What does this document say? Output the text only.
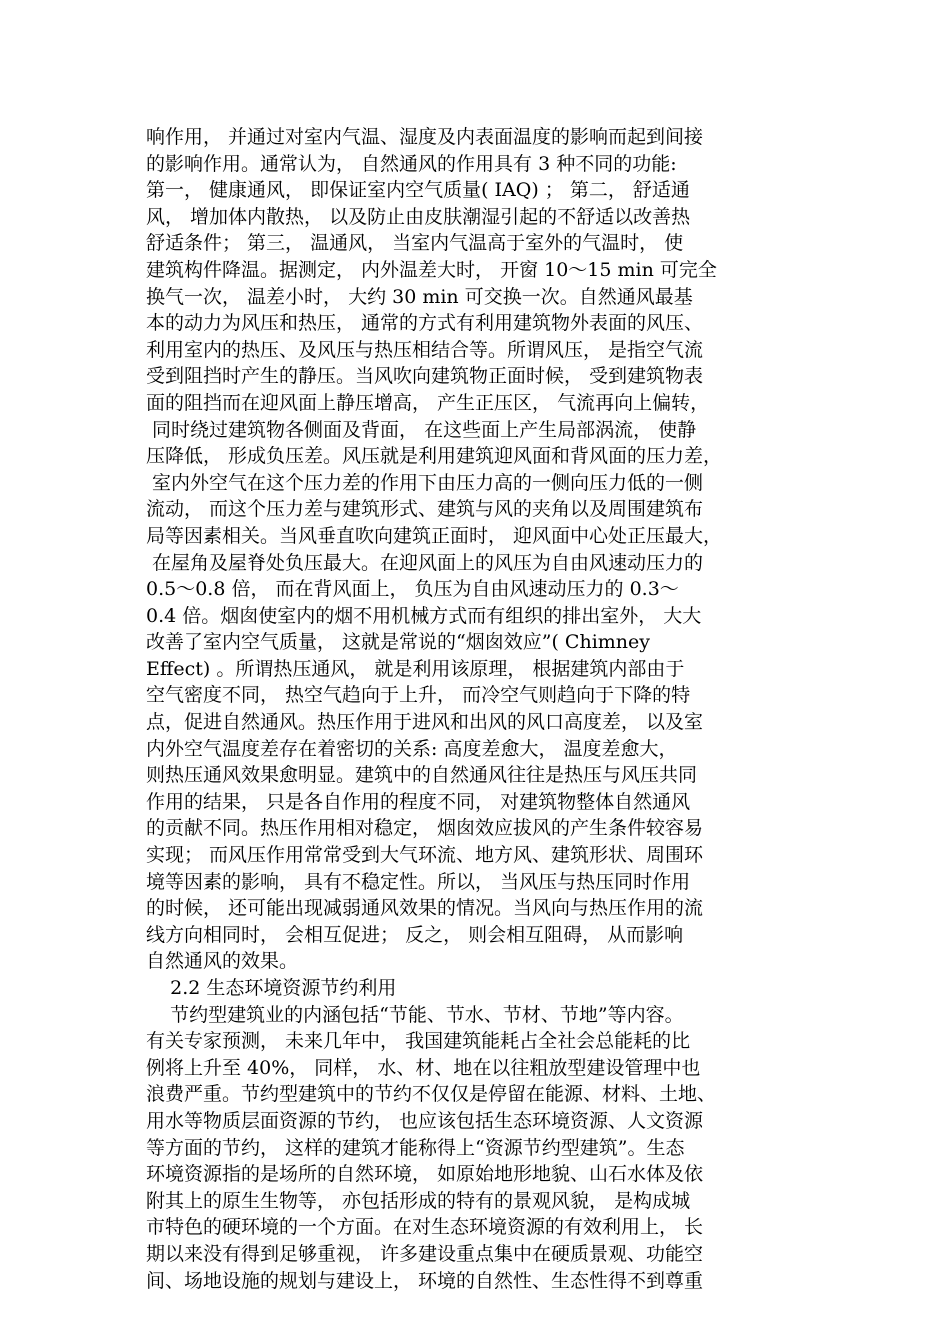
响作用， 并通过对室内气温、湿度及内表面温度的影响而起到间接
的影响作用。通常认为， 自然通风的作用具有 3 种不同的功能:
第一， 健康通风， 即保证室内空气质量( IAQ) ； 第二， 舒适通
风， 增加体内散热， 以及防止由皮肤潮湿引起的不舒适以改善热
舒适条件； 第三， 温通风， 当室内气温高于室外的气温时， 使
建筑构件降温。据测定， 内外温差大时， 开窗 10～15 min 可完全
换气一次， 温差小时， 大约 30 min 可交换一次。自然通风最基
本的动力为风压和热压， 通常的方式有利用建筑物外表面的风压、
利用室内的热压、及风压与热压相结合等。所谓风压， 是指空气流
受到阻挡时产生的静压。当风吹向建筑物正面时候， 受到建筑物表
面的阻挡而在迎风面上静压增高， 产生正压区， 气流再向上偏转，
同时绕过建筑物各侧面及背面， 在这些面上产生局部涡流， 使静
压降低， 形成负压差。风压就是利用建筑迎风面和背风面的压力差，
室内外空气在这个压力差的作用下由压力高的一侧向压力低的一侧
流动， 而这个压力差与建筑形式、建筑与风的夹角以及周围建筑布
局等因素相关。当风垂直吹向建筑正面时， 迎风面中心处正压最大，
在屋角及屋脊处负压最大。在迎风面上的风压为自由风速动压力的
0.5～0.8 倍， 而在背风面上， 负压为自由风速动压力的 0.3～
0.4 倍。烟囱使室内的烟不用机械方式而有组织的排出室外， 大大
改善了室内空气质量， 这就是常说的“烟囱效应”( Chimney
Effect) 。所谓热压通风， 就是利用该原理， 根据建筑内部由于
空气密度不同， 热空气趋向于上升， 而冷空气则趋向于下降的特
点，促进自然通风。热压作用于进风和出风的风口高度差， 以及室
内外空气温度差存在着密切的关系: 高度差愈大， 温度差愈大，
则热压通风效果愈明显。建筑中的自然通风往往是热压与风压共同
作用的结果， 只是各自作用的程度不同， 对建筑物整体自然通风
的贡献不同。热压作用相对稳定， 烟囱效应拔风的产生条件较容易
实现； 而风压作用常常受到大气环流、地方风、建筑形状、周围环
境等因素的影响， 具有不稳定性。所以， 当风压与热压同时作用
的时候， 还可能出现减弱通风效果的情况。当风向与热压作用的流
线方向相同时， 会相互促进； 反之， 则会相互阻碍， 从而影响
自然通风的效果。
2.2 生态环境资源节约利用
节约型建筑业的内涵包括“节能、节水、节材、节地”等内容。
有关专家预测， 未来几年中， 我国建筑能耗占全社会总能耗的比
例将上升至 40%， 同样， 水、材、地在以往粗放型建设管理中也
浪费严重。节约型建筑中的节约不仅仅是停留在能源、材料、土地、
用水等物质层面资源的节约， 也应该包括生态环境资源、人文资源
等方面的节约， 这样的建筑才能称得上“资源节约型建筑”。生态
环境资源指的是场所的自然环境， 如原始地形地貌、山石水体及依
附其上的原生生物等， 亦包括形成的特有的景观风貌， 是构成城
市特色的硬环境的一个方面。在对生态环境资源的有效利用上， 长
期以来没有得到足够重视， 许多建设重点集中在硬质景观、功能空
间、场地设施的规划与建设上， 环境的自然性、生态性得不到尊重
